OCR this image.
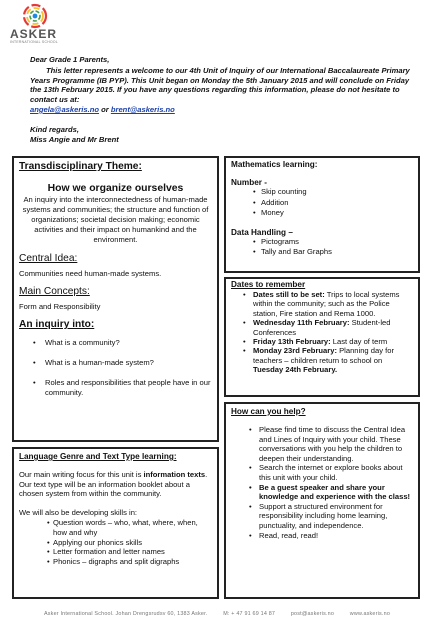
ASKER
INTERNATIONAL SCHOOL

Dear Grade 1 Parents,

This letter represents a welcome to our 4th Unit of Inquiry of our International Baccalaureate Primary Years Programme (IB PYP). This Unit began on Monday the 5th January 2015 and will conclude on Friday the 13th February 2015. If you have any questions regarding this information, please do not hesitate to contact us at:

angela@askeris.no or brent@askeris.no

Kind regards,

Miss Angie and Mr Brent

Transdisciplinary Theme:
How we organize ourselves
An inquiry into the interconnectedness of human-made systems and communities; the structure and function of organizations; societal decision making; economic activities and their impact on humankind and the environment.
Central Idea:
Communities need human-made systems.
Main Concepts:
Form and Responsibility
An inquiry into:
• What is a community?
• What is a human-made system?
• Roles and responsibilities that people have in our community.
Language Genre and Text Type learning:
Our main writing focus for this unit is information texts. Our text type will be an information booklet about a chosen system from within the community.
We will also be developing skills in:
• Question words – who, what, where, when, how and why
• Applying our phonics skills
• Letter formation and letter names
• Phonics – digraphs and split digraphs
Mathematics learning:
Number -
• Skip counting
• Addition
• Money
Data Handling –
• Pictograms
• Tally and Bar Graphs
Dates to remember
• Dates still to be set: Trips to local systems within the community; such as the Police station, Fire station and Rema 1000.
• Wednesday 11th February: Student-led Conferences
• Friday 13th February: Last day of term
• Monday 23rd February: Planning day for teachers – children return to school on Tuesday 24th February.
How can you help?
• Please find time to discuss the Central Idea and Lines of Inquiry with your child. These conversations with you help the children to deepen their understanding.
• Search the internet or explore books about this unit with your child.
• Be a guest speaker and share your knowledge and experience with the class!
• Support a structured environment for responsibility including home learning, punctuality, and independence.
• Read, read, read!
Asker International School. Johan Drengsrudsv 60, 1383 Asker.	M: + 47 91 69 14 87	post@askeris.no	www.askeris.no
